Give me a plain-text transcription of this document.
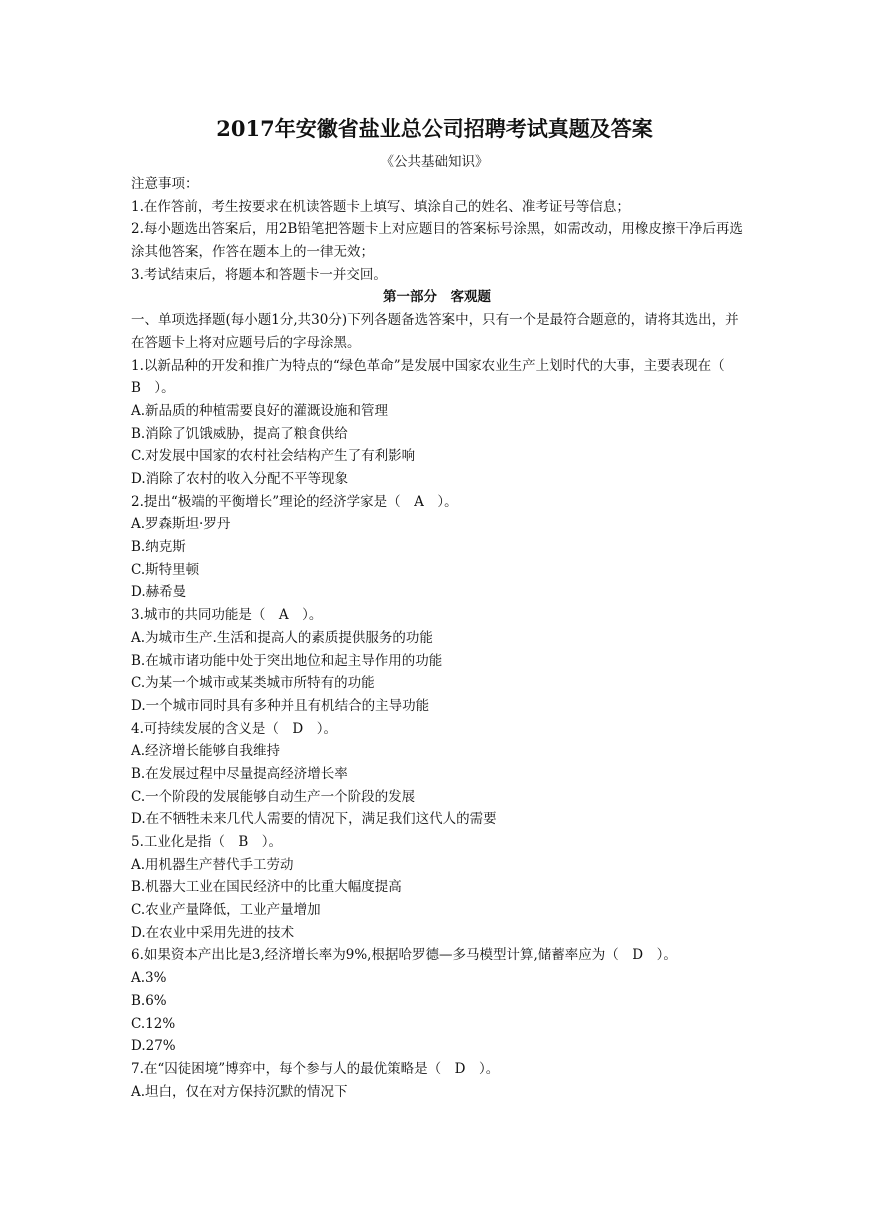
2017年安徽省盐业总公司招聘考试真题及答案
《公共基础知识》
注意事项：
1.在作答前，考生按要求在机读答题卡上填写、填涂自己的姓名、准考证号等信息；
2.每小题选出答案后，用2B铅笔把答题卡上对应题目的答案标号涂黑，如需改动，用橡皮擦干净后再选涂其他答案，作答在题本上的一律无效；
3.考试结束后，将题本和答题卡一并交回。
第一部分　客观题
一、单项选择题(每小题1分,共30分)下列各题备选答案中，只有一个是最符合题意的，请将其选出，并在答题卡上将对应题号后的字母涂黑。
1.以新品种的开发和推广为特点的“绿色革命”是发展中国家农业生产上划时代的大事，主要表现在（　B　）。
A.新品质的种植需要良好的灌溉设施和管理
B.消除了饥饿威胁，提高了粮食供给
C.对发展中国家的农村社会结构产生了有利影响
D.消除了农村的收入分配不平等现象
2.提出“极端的平衡增长”理论的经济学家是（　A　）。
A.罗森斯坦·罗丹
B.纳克斯
C.斯特里顿
D.赫希曼
3.城市的共同功能是（　A　）。
A.为城市生产.生活和提高人的素质提供服务的功能
B.在城市诸功能中处于突出地位和起主导作用的功能
C.为某一个城市或某类城市所特有的功能
D.一个城市同时具有多种并且有机结合的主导功能
4.可持续发展的含义是（　D　）。
A.经济增长能够自我维持
B.在发展过程中尽量提高经济增长率
C.一个阶段的发展能够自动生产一个阶段的发展
D.在不牺牲未来几代人需要的情况下，满足我们这代人的需要
5.工业化是指（　B　）。
A.用机器生产替代手工劳动
B.机器大工业在国民经济中的比重大幅度提高
C.农业产量降低，工业产量增加
D.在农业中采用先进的技术
6.如果资本产出比是3,经济增长率为9%,根据哈罗德—多马模型计算,储蓄率应为（　D　）。
A.3%
B.6%
C.12%
D.27%
7.在“囚徒困境”博弈中，每个参与人的最优策略是（　D　）。
A.坦白，仅在对方保持沉默的情况下
